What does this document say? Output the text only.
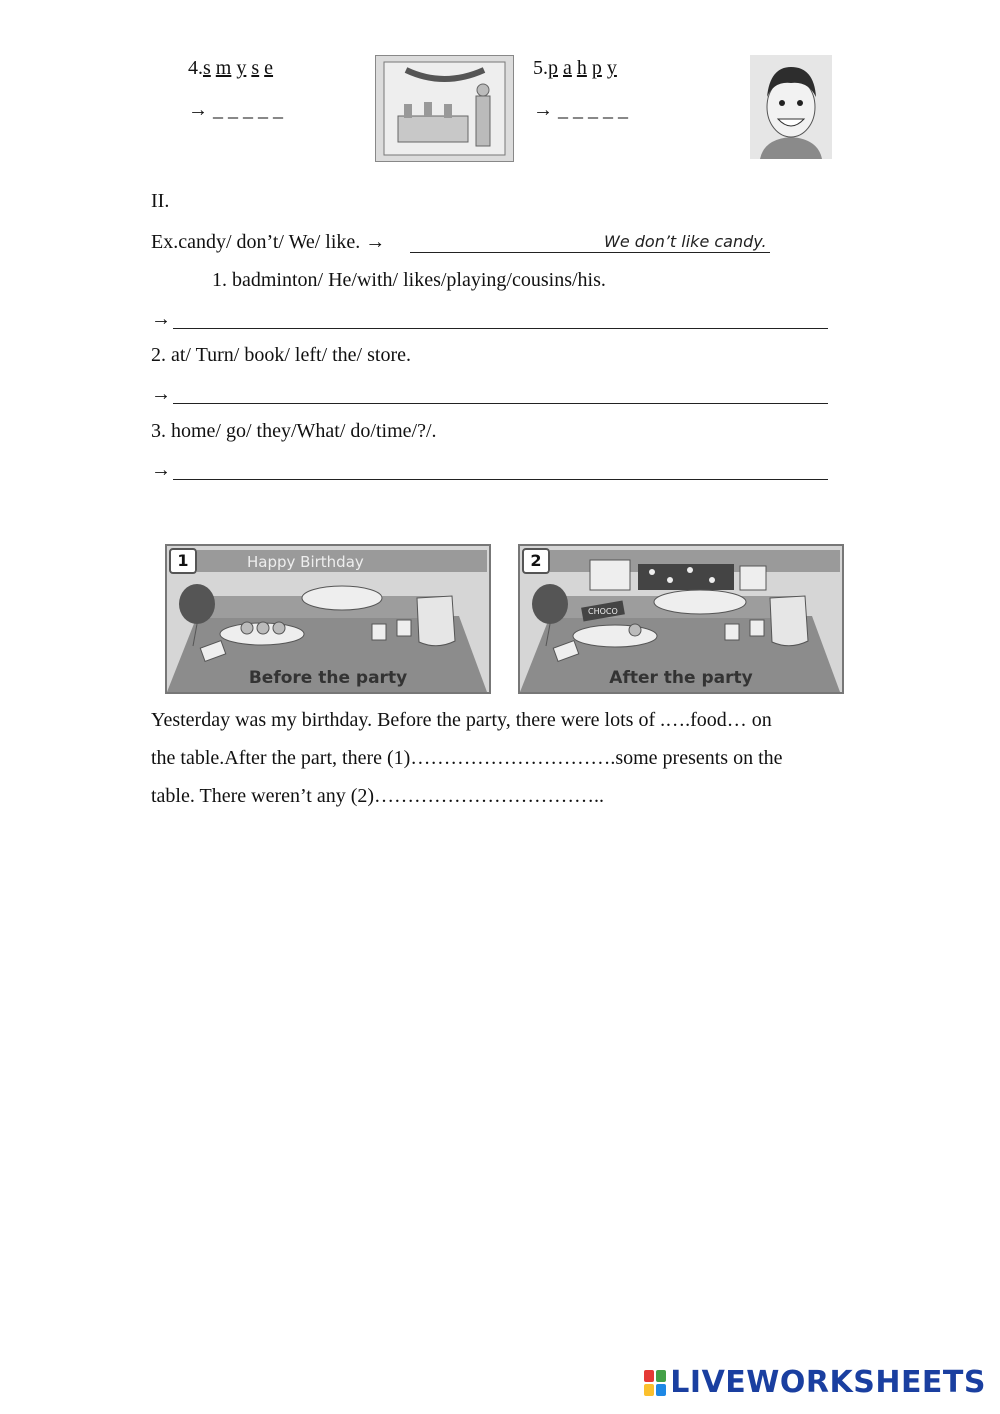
4.s m y s e
→ _ _ _ _ _
5.p a h p y
→ _ _ _ _ _
II.
Ex.candy/ don’t/ We/ like. →	We don’t like candy.
1. badminton/ He/with/ likes/playing/cousins/his.
→
2. at/ Turn/ book/ left/ the/ store.
→
3. home/ go/ they/What/ do/time/?/.
→
Happy Birthday
1
Before the party
CHOCO
2
After the party
Yesterday was my birthday. Before the party, there were lots of .….food… on
the table.After the part, there (1)………………………….some presents on the
table. There weren’t any (2)……………………………..
LIVEWORKSHEETS
